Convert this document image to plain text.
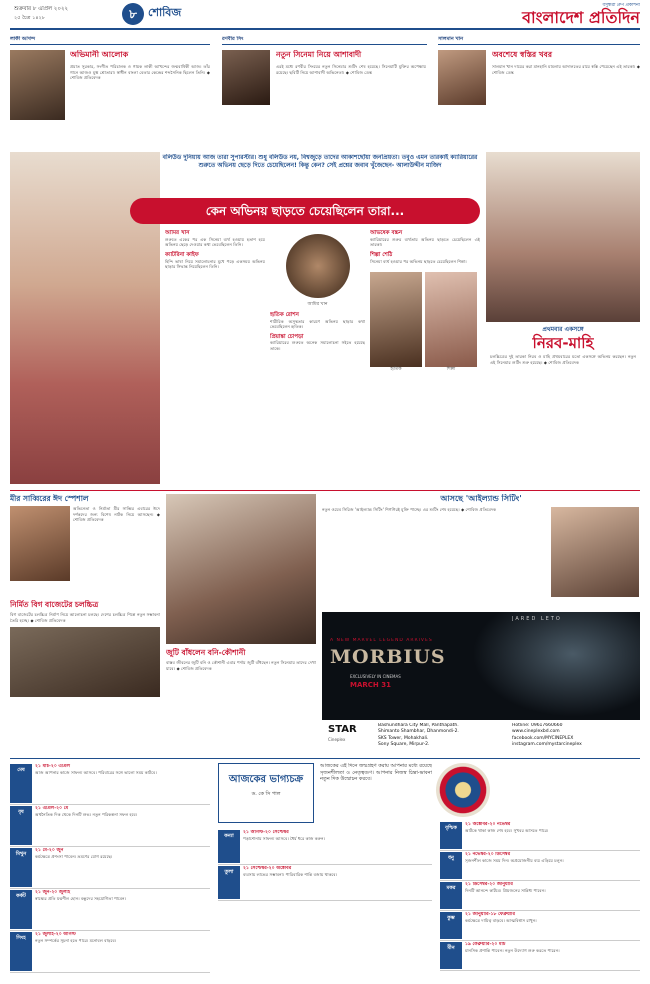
শুক্রবার ৮ এপ্রিল ২০২২
২৫ চৈত্র ১৪২৮	৮	শোবিজ
বসুন্ধরা গ্রুপ প্রকাশনা
বাংলাদেশ প্রতিদিন
লাকী আখন্দ
অভিমানী আলোক
প্রয়াত সুরকার, সংগীত পরিচালক ও গায়ক লাকী আখন্দের জন্মবার্ষিকী আজ। তাঁর গানে আজও মুগ্ধ শ্রোতারা। স্বাধীন বাংলা বেতার কেন্দ্রের শব্দসৈনিক ছিলেন তিনি। ◆ শোবিজ প্রতিবেদক
রণবীর সিং
নতুন সিনেমা নিয়ে আশাবাদী
এরই মধ্যে রণবীর সিংয়ের নতুন সিনেমার শুটিং শেষ হয়েছে। সিনেমাটি মুক্তির অপেক্ষায় রয়েছে। ছবিটি নিয়ে আশাবাদী অভিনেতা। ◆ শোবিজ ডেস্ক
সালমান খান
অবশেষে স্বস্তির খবর
সালমান খান দায়ের করা মানহানি মামলায় আদালতের রায়ে স্বস্তি পেয়েছেন এই তারকা। ◆ শোবিজ ডেস্ক
বলিউড দুনিয়ায় আজ তারা সুপারস্টার। শুধু বলিউড নয়, বিশ্বজুড়ে তাদের আকাশছোঁয়া জনপ্রিয়তা। তবুও এমন তারকাই ক্যারিয়ারের শুরুতে অভিনয় ছেড়ে দিতে চেয়েছিলেন! কিন্তু কেন? সেই প্রশ্নের জবাব খুঁজেছেন- আলাউদ্দীন মাজিদ
কেন অভিনয় ছাড়তে চেয়েছিলেন তারা...
আমির খান
শুরুতে একের পর এক সিনেমা ব্যর্থ হওয়ায় হতাশ হয়ে অভিনয় ছেড়ে দেওয়ার কথা ভেবেছিলেন তিনি।
ক্যাটরিনা কাইফ
হিন্দি ভাষা নিয়ে সমালোচনার মুখে পড়ে একসময় অভিনয় ছাড়ার সিদ্ধান্ত নিয়েছিলেন তিনি।
আমির খান
হৃতিক রোশন
শারীরিক অসুস্থতার কারণে অভিনয় ছাড়ার কথা ভেবেছিলেন হৃতিক।
প্রিয়াঙ্কা চোপড়া
ক্যারিয়ারের শুরুতে অনেক সমালোচনা সইতে হয়েছে তাকে।
অভিষেক বচ্চন
ক্যারিয়ারের শুরুর ব্যর্থতায় অভিনয় ছাড়তে চেয়েছিলেন এই তারকা।
শিল্পা শেঠি
সিনেমা ব্যর্থ হওয়ার পর অভিনয় ছাড়তে চেয়েছিলেন শিল্পা।
হৃতিক	শিল্পা
প্রথমবার একসঙ্গে
নিরব-মাহি
চলচ্চিত্রের দুই তারকা নিরব ও মাহি প্রথমবারের মতো একসঙ্গে অভিনয় করছেন। নতুন এই সিনেমার শুটিং শুরু হয়েছে। ◆ শোবিজ প্রতিবেদক
মীর সাব্বিরের ঈদ স্পেশাল
অভিনেতা ও নির্মাতা মীর সাব্বির এবারের ঈদে দর্শকদের জন্য বিশেষ নাটক নিয়ে আসছেন। ◆ শোবিজ প্রতিবেদক
নির্মিত বিগ বাজেটের চলচ্চিত্র
বিগ বাজেটের চলচ্চিত্র নির্মাণ নিয়ে আলোচনা চলছে। দেশের চলচ্চিত্র শিল্পে নতুন সম্ভাবনা তৈরি হচ্ছে। ◆ শোবিজ প্রতিবেদক
জুটি বাঁধলেন বনি-কৌশানী
বাস্তব জীবনের জুটি বনি ও কৌশানী এবার পর্দায় জুটি বাঁধছেন। নতুন সিনেমায় তাদের দেখা যাবে। ◆ শোবিজ প্রতিবেদক
আসছে 'আইল্যান্ড সিটিং'
নতুন ওয়েব সিরিজ 'আইল্যান্ড সিটিং' শিগগিরই মুক্তি পাচ্ছে। এর শুটিং শেষ হয়েছে। ◆ শোবিজ প্রতিবেদক
JARED LETO
A NEW MARVEL LEGEND ARRIVES
MORBIUS
EXCLUSIVELY IN CINEMAS
MARCH 31
STAR
Cineplex
Bashundhara City Mall, Panthapath.
Shimanto Shambhar, Dhanmondi-2.
SKS Tower, Mohakhali.
Sony Square, Mirpur-2.
Hotline: 09617660660
www.cineplexbd.com
facebook.com/MYCINEPLEX
instagram.com/mystarcineplex
আজকের ভাগ্যচক্র
ড. কে সি পাল
আজকের এই দিনে জন্মগ্রহণ করায় আপনার মধ্যে রয়েছে সৃজনশীলতা ও নেতৃত্বগুণ। আপনার নিজস্ব চিন্তা-ভাবনা নতুন দিক উন্মোচন করবে।
মেষ
২১ মার্চ-২০ এপ্রিল
আজ আপনার কাজে সাফল্য আসবে। পরিবারের সঙ্গে ভালো সময় কাটবে।
বৃষ
২১ এপ্রিল-২০ মে
অর্থনৈতিক দিক থেকে দিনটি শুভ। নতুন পরিকল্পনা সফল হবে।
মিথুন
২১ মে-২০ জুন
কর্মক্ষেত্রে প্রশংসা পাবেন। ভ্রমণের যোগ রয়েছে।
কর্কট
২১ জুন-২০ জুলাই
স্বাস্থ্যের প্রতি যত্নশীল হোন। বন্ধুদের সহযোগিতা পাবেন।
সিংহ
২১ জুলাই-২০ আগস্ট
নতুন সম্পর্কের সূচনা হতে পারে। মনোবল বাড়বে।
কন্যা
২১ আগস্ট-২০ সেপ্টেম্বর
পড়াশোনায় সাফল্য আসবে। ধৈর্য ধরে কাজ করুন।
তুলা
২১ সেপ্টেম্বর-২০ অক্টোবর
ব্যবসায় লাভের সম্ভাবনা। পারিবারিক শান্তি বজায় থাকবে।
বৃশ্চিক
২১ অক্টোবর-২০ নভেম্বর
আটকে থাকা কাজ শেষ হবে। সুখবর আসতে পারে।
ধনু
২১ নভেম্বর-২০ ডিসেম্বর
সৃজনশীল কাজে সময় দিন। অপ্রয়োজনীয় ব্যয় এড়িয়ে চলুন।
মকর
২১ ডিসেম্বর-২০ জানুয়ারি
দিনটি আনন্দে কাটবে। প্রিয়জনের সান্নিধ্য পাবেন।
কুম্ভ
২১ জানুয়ারি-১৮ ফেব্রুয়ারি
কর্মক্ষেত্রে দায়িত্ব বাড়বে। আত্মবিশ্বাস রাখুন।
মীন
১৯ ফেব্রুয়ারি-২০ মার্চ
মানসিক প্রশান্তি পাবেন। নতুন উদ্যোগ শুরু করতে পারেন।
